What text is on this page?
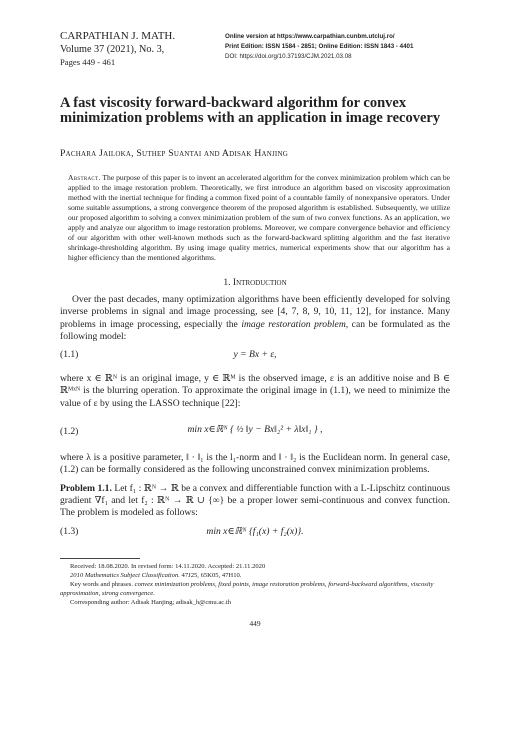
CARPATHIAN J. MATH.
Volume 37 (2021), No. 3,
Pages 449 - 461
Online version at https://www.carpathian.cunbm.utcluj.ro/
Print Edition: ISSN 1584 - 2851; Online Edition: ISSN 1843 - 4401
DOI: https://doi.org/10.37193/CJM.2021.03.08
A fast viscosity forward-backward algorithm for convex minimization problems with an application in image recovery
Pachara Jailoka, Suthep Suantai and Adisak Hanjing
Abstract. The purpose of this paper is to invent an accelerated algorithm for the convex minimization problem which can be applied to the image restoration problem. Theoretically, we first introduce an algorithm based on viscosity approximation method with the inertial technique for finding a common fixed point of a countable family of nonexpansive operators. Under some suitable assumptions, a strong convergence theorem of the proposed algorithm is established. Subsequently, we utilize our proposed algorithm to solving a convex minimization problem of the sum of two convex functions. As an application, we apply and analyze our algorithm to image restoration problems. Moreover, we compare convergence behavior and efficiency of our algorithm with other well-known methods such as the forward-backward splitting algorithm and the fast iterative shrinkage-thresholding algorithm. By using image quality metrics, numerical experiments show that our algorithm has a higher efficiency than the mentioned algorithms.
1. Introduction

Over the past decades, many optimization algorithms have been efficiently developed for solving inverse problems in signal and image processing, see [4, 7, 8, 9, 10, 11, 12], for instance. Many problems in image processing, especially the image restoration problem, can be formulated as the following model:

(1.1)	y = Bx + ε,

where x ∈ ℝᴺ is an original image, y ∈ ℝᴹ is the observed image, ε is an additive noise and B ∈ ℝᴹˣᴺ is the blurring operation. To approximate the original image in (1.1), we need to minimize the value of ε by using the LASSO technique [22]:

(1.2)	min x∈ℝᴺ { ½ ‖y − Bx‖₂² + λ‖x‖₁ } ,

where λ is a positive parameter, ‖ · ‖₁ is the l₁-norm and ‖ · ‖₂ is the Euclidean norm. In general case, (1.2) can be formally considered as the following unconstrained convex minimization problems.

Problem 1.1. Let f₁ : ℝᴺ → ℝ be a convex and differentiable function with a L-Lipschitz continuous gradient ∇f₁ and let f₂ : ℝᴺ → ℝ ∪ {∞} be a proper lower semi-continuous and convex function. The problem is modeled as follows:

(1.3)	min x∈ℝᴺ {f₁(x) + f₂(x)}.

Received: 18.08.2020. In revised form: 14.11.2020. Accepted: 21.11.2020

2010 Mathematics Subject Classification. 47J25, 65K05, 47H10.

Key words and phrases. convex minimization problems, fixed points, image restoration problems, forward-backward algorithms, viscosity approximation, strong convergence.

Corresponding author: Adisak Hanjing; adisak_h@cmu.ac.th

449
